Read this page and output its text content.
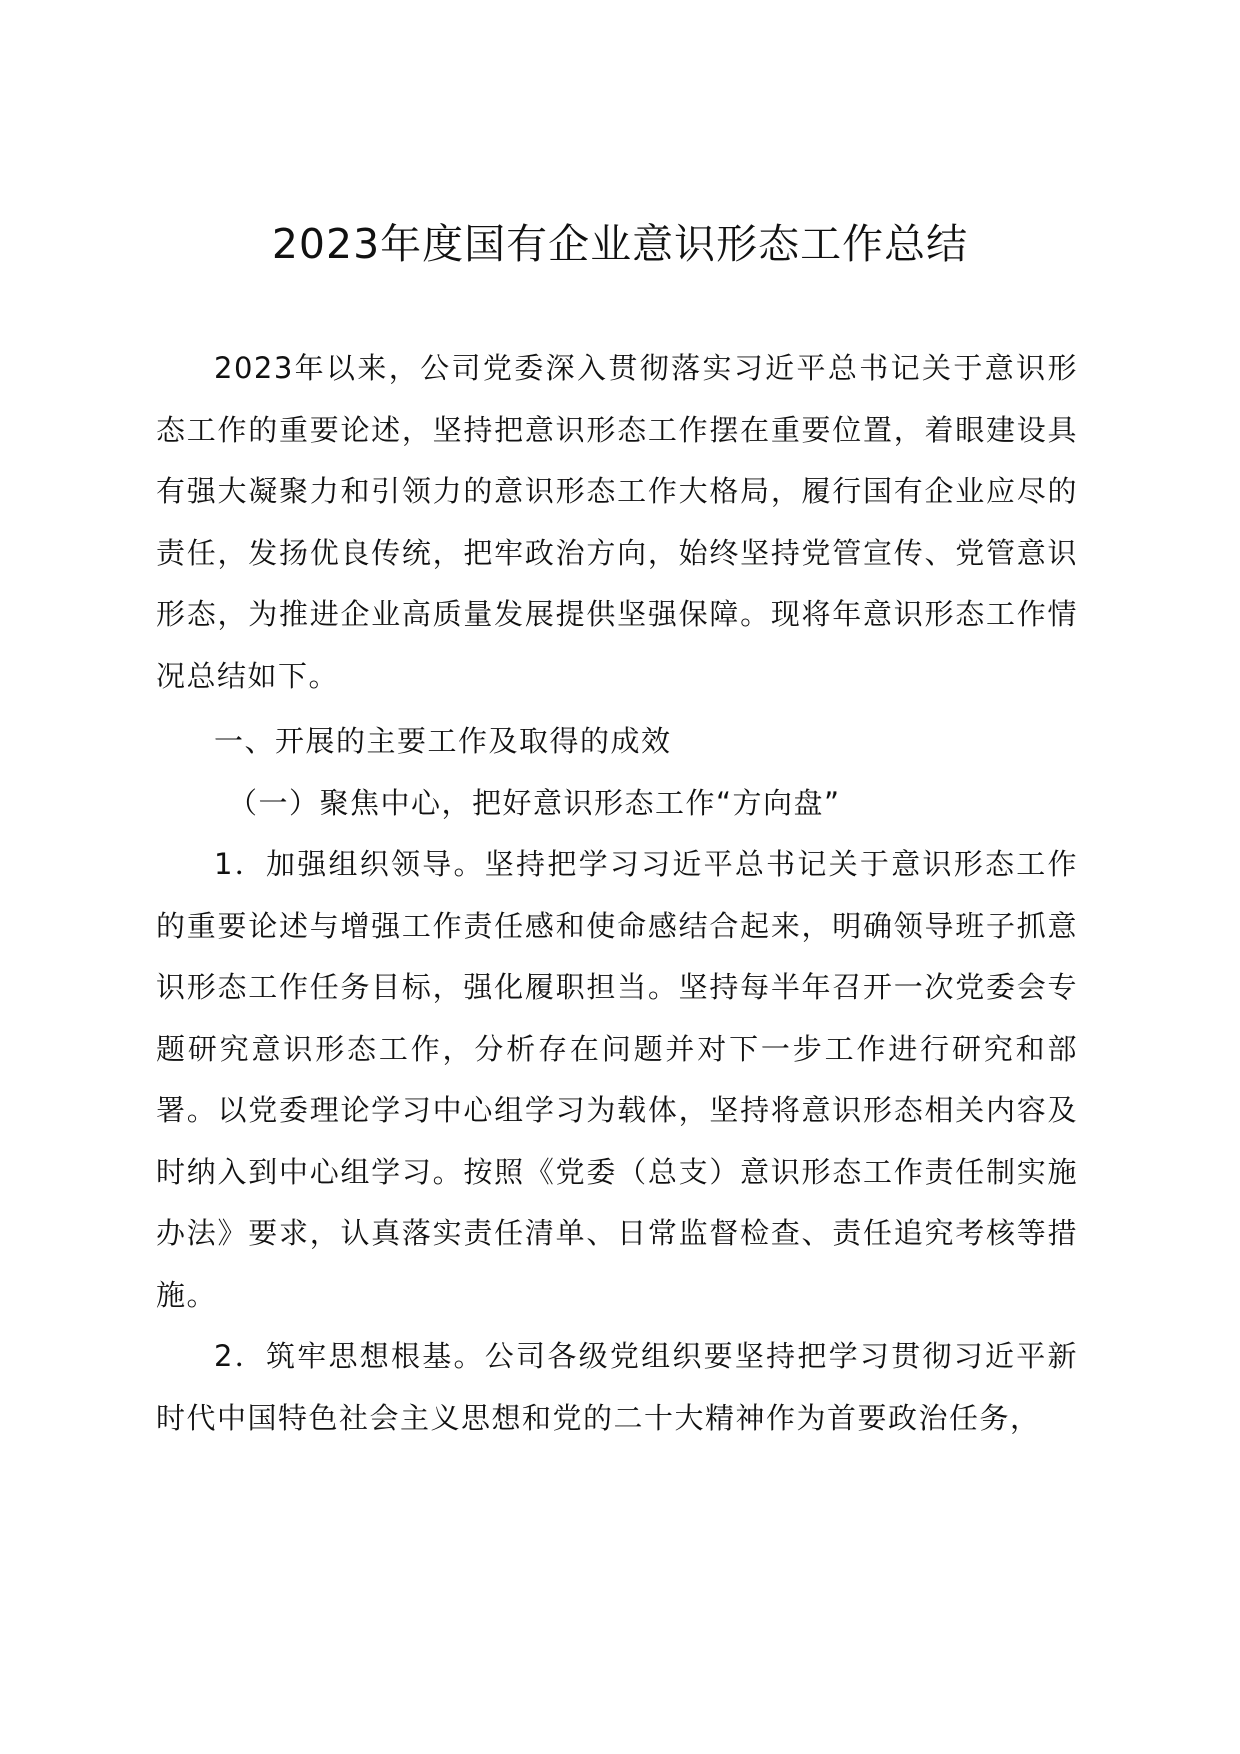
2023年度国有企业意识形态工作总结

2023年以来，公司党委深入贯彻落实习近平总书记关于意识形态工作的重要论述，坚持把意识形态工作摆在重要位置，着眼建设具有强大凝聚力和引领力的意识形态工作大格局，履行国有企业应尽的责任，发扬优良传统，把牢政治方向，始终坚持党管宣传、党管意识形态，为推进企业高质量发展提供坚强保障。现将年意识形态工作情况总结如下。

一、开展的主要工作及取得的成效

（一）聚焦中心，把好意识形态工作“方向盘”

1．加强组织领导。坚持把学习习近平总书记关于意识形态工作的重要论述与增强工作责任感和使命感结合起来，明确领导班子抓意识形态工作任务目标，强化履职担当。坚持每半年召开一次党委会专题研究意识形态工作，分析存在问题并对下一步工作进行研究和部署。以党委理论学习中心组学习为载体，坚持将意识形态相关内容及时纳入到中心组学习。按照《党委（总支）意识形态工作责任制实施办法》要求，认真落实责任清单、日常监督检查、责任追究考核等措施。

2．筑牢思想根基。公司各级党组织要坚持把学习贯彻习近平新时代中国特色社会主义思想和党的二十大精神作为首要政治任务，
